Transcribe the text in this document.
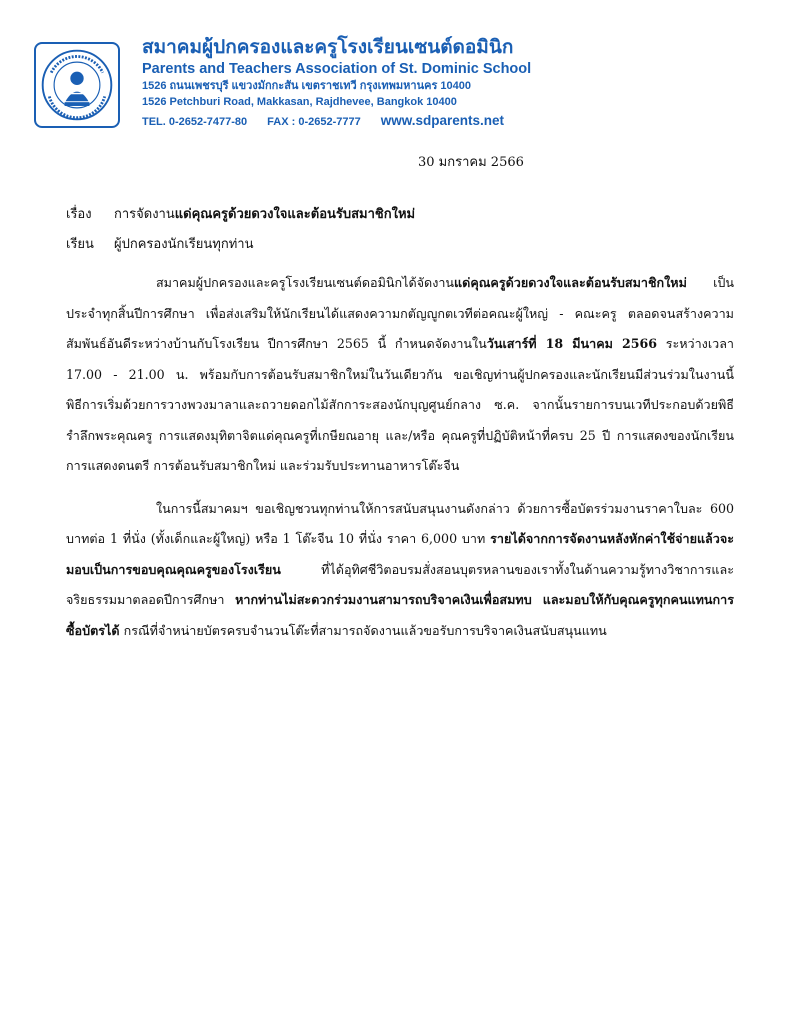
สมาคมผู้ปกครองและครูโรงเรียนเซนต์ดอมินิก
Parents and Teachers Association of St. Dominic School
1526 ถนนเพชรบุรี แขวงมักกะสัน เขตราชเทวี กรุงเทพมหานคร 10400
1526 Petchburi Road, Makkasan, Rajdhevee, Bangkok 10400
TEL. 0-2652-7477-80 FAX : 0-2652-7777 www.sdparents.net
30 มกราคม 2566
เรื่อง การจัดงานแด่คุณครูด้วยดวงใจและต้อนรับสมาชิกใหม่
เรียน ผู้ปกครองนักเรียนทุกท่าน

สมาคมผู้ปกครองและครูโรงเรียนเซนต์ดอมินิกได้จัดงานแด่คุณครูด้วยดวงใจและต้อนรับสมาชิกใหม่ เป็นประจำทุกสิ้นปีการศึกษา เพื่อส่งเสริมให้นักเรียนได้แสดงความกตัญญูกตเวทีต่อคณะผู้ใหญ่ - คณะครู ตลอดจนสร้างความสัมพันธ์อันดีระหว่างบ้านกับโรงเรียน ปีการศึกษา 2565 นี้ กำหนดจัดงานในวันเสาร์ที่ 18 มีนาคม 2566 ระหว่างเวลา 17.00 - 21.00 น. พร้อมกับการต้อนรับสมาชิกใหม่ในวันเดียวกัน ขอเชิญท่านผู้ปกครองและนักเรียนมีส่วนร่วมในงานนี้ พิธีการเริ่มด้วยการวางพวงมาลาและถวายดอกไม้สักการะสองนักบุญศูนย์กลาง ซ.ค. จากนั้นรายการบนเวทีประกอบด้วยพิธีรำลึกพระคุณครู การแสดงมุทิตาจิตแด่คุณครูที่เกษียณอายุ และ/หรือ คุณครูที่ปฏิบัติหน้าที่ครบ 25 ปี การแสดงของนักเรียน การแสดงดนตรี การต้อนรับสมาชิกใหม่ และร่วมรับประทานอาหารโต๊ะจีน

ในการนี้สมาคมฯ ขอเชิญชวนทุกท่านให้การสนับสนุนงานดังกล่าว ด้วยการซื้อบัตรร่วมงานราคาใบละ 600 บาทต่อ 1 ที่นั่ง (ทั้งเด็กและผู้ใหญ่) หรือ 1 โต๊ะจีน 10 ที่นั่ง ราคา 6,000 บาท รายได้จากการจัดงานหลังหักค่าใช้จ่ายแล้วจะมอบเป็นการขอบคุณคุณครูของโรงเรียน ที่ได้อุทิศชีวิตอบรมสั่งสอนบุตรหลานของเราทั้งในด้านความรู้ทางวิชาการและจริยธรรมมาตลอดปีการศึกษา หากท่านไม่สะดวกร่วมงานสามารถบริจาคเงินเพื่อสมทบ และมอบให้กับคุณครูทุกคนแทนการซื้อบัตรได้ กรณีที่จำหน่ายบัตรครบจำนวนโต๊ะที่สามารถจัดงานแล้วขอรับการบริจาคเงินสนับสนุนแทน
